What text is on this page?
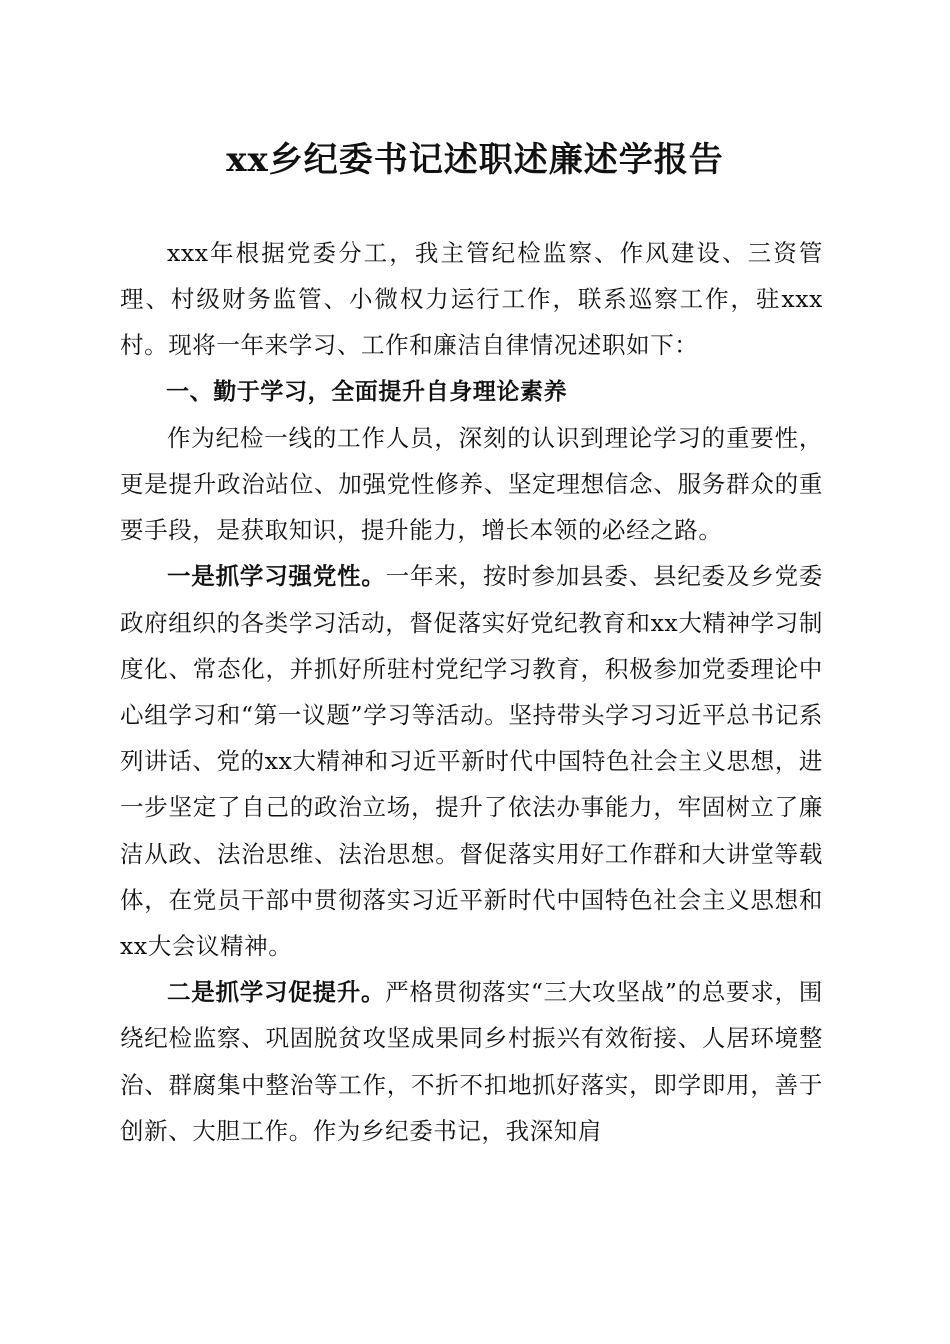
xx乡纪委书记述职述廉述学报告

xxx年根据党委分工，我主管纪检监察、作风建设、三资管理、村级财务监管、小微权力运行工作，联系巡察工作，驻xxx村。现将一年来学习、工作和廉洁自律情况述职如下：

一、勤于学习，全面提升自身理论素养

作为纪检一线的工作人员，深刻的认识到理论学习的重要性，更是提升政治站位、加强党性修养、坚定理想信念、服务群众的重要手段，是获取知识，提升能力，增长本领的必经之路。

一是抓学习强党性。一年来，按时参加县委、县纪委及乡党委政府组织的各类学习活动，督促落实好党纪教育和xx大精神学习制度化、常态化，并抓好所驻村党纪学习教育，积极参加党委理论中心组学习和“第一议题”学习等活动。坚持带头学习习近平总书记系列讲话、党的xx大精神和习近平新时代中国特色社会主义思想，进一步坚定了自己的政治立场，提升了依法办事能力，牢固树立了廉洁从政、法治思维、法治思想。督促落实用好工作群和大讲堂等载体，在党员干部中贯彻落实习近平新时代中国特色社会主义思想和xx大会议精神。

二是抓学习促提升。严格贯彻落实“三大攻坚战”的总要求，围绕纪检监察、巩固脱贫攻坚成果同乡村振兴有效衔接、人居环境整治、群腐集中整治等工作，不折不扣地抓好落实，即学即用，善于创新、大胆工作。作为乡纪委书记，我深知肩
